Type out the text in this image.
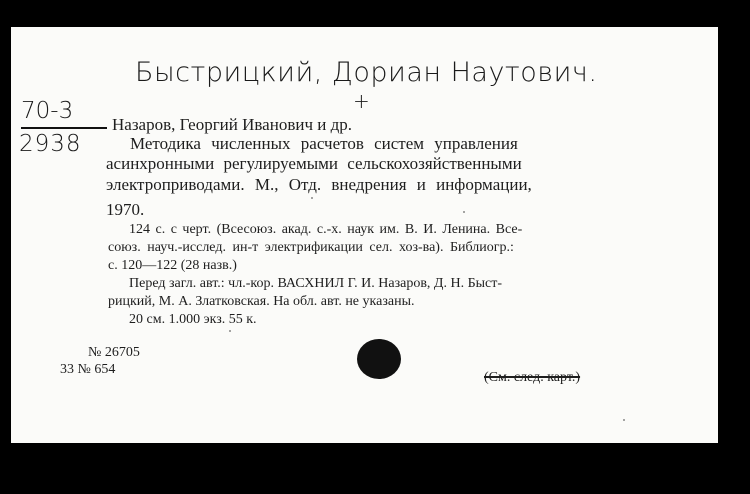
Быстрицкий, Дориан Наутович.
+
70-3
2938
Назаров, Георгий Иванович и др.
Методика численных расчетов систем управления
асинхронными регулируемыми сельскохозяйственными
электроприводами. М., Отд. внедрения и информации,
1970.
124 с. с черт. (Всесоюз. акад. с.-х. наук им. В. И. Ленина. Все-
союз. науч.-исслед. ин-т электрификации сел. хоз-ва). Библиогр.:
с. 120—122 (28 назв.)
Перед загл. авт.: чл.-кор. ВАСХНИЛ Г. И. Назаров, Д. Н. Быст-
рицкий, М. А. Златковская. На обл. авт. не указаны.
20 см. 1.000 экз. 55 к.
№ 26705
33 № 654
(См. след. карт.)
